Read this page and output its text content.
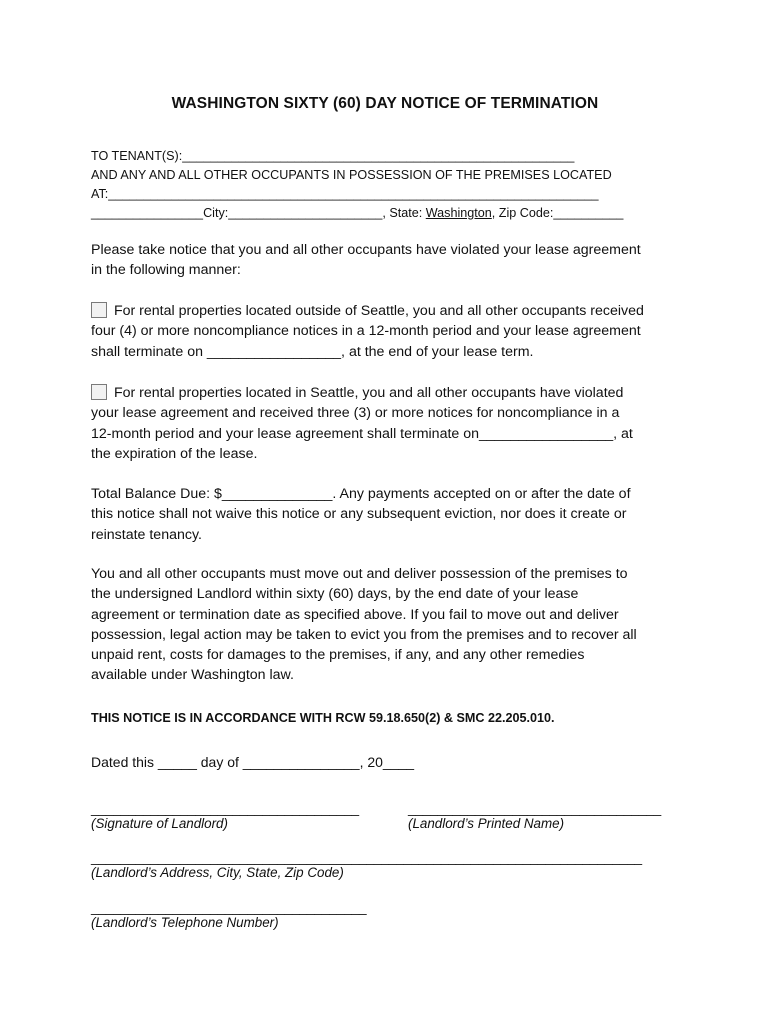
WASHINGTON SIXTY (60) DAY NOTICE OF TERMINATION
TO TENANT(S):________________________________________________________
AND ANY AND ALL OTHER OCCUPANTS IN POSSESSION OF THE PREMISES LOCATED
AT:______________________________________________________________________
________________City:______________________, State: Washington, Zip Code:__________
Please take notice that you and all other occupants have violated your lease agreement
in the following manner:
For rental properties located outside of Seattle, you and all other occupants received
four (4) or more noncompliance notices in a 12-month period and your lease agreement
shall terminate on _________________, at the end of your lease term.
For rental properties located in Seattle, you and all other occupants have violated
your lease agreement and received three (3) or more notices for noncompliance in a
12-month period and your lease agreement shall terminate on_________________, at
the expiration of the lease.
Total Balance Due: $______________. Any payments accepted on or after the date of
this notice shall not waive this notice or any subsequent eviction, nor does it create or
reinstate tenancy.
You and all other occupants must move out and deliver possession of the premises to
the undersigned Landlord within sixty (60) days, by the end date of your lease
agreement or termination date as specified above. If you fail to move out and deliver
possession, legal action may be taken to evict you from the premises and to recover all
unpaid rent, costs for damages to the premises, if any, and any other remedies
available under Washington law.
THIS NOTICE IS IN ACCORDANCE WITH RCW 59.18.650(2) & SMC 22.205.010.
Dated this _____ day of _______________, 20____
____________________________________
(Signature of Landlord)
__________________________________
(Landlord’s Printed Name)
__________________________________________________________________________
(Landlord’s Address, City, State, Zip Code)
_____________________________________
(Landlord’s Telephone Number)
